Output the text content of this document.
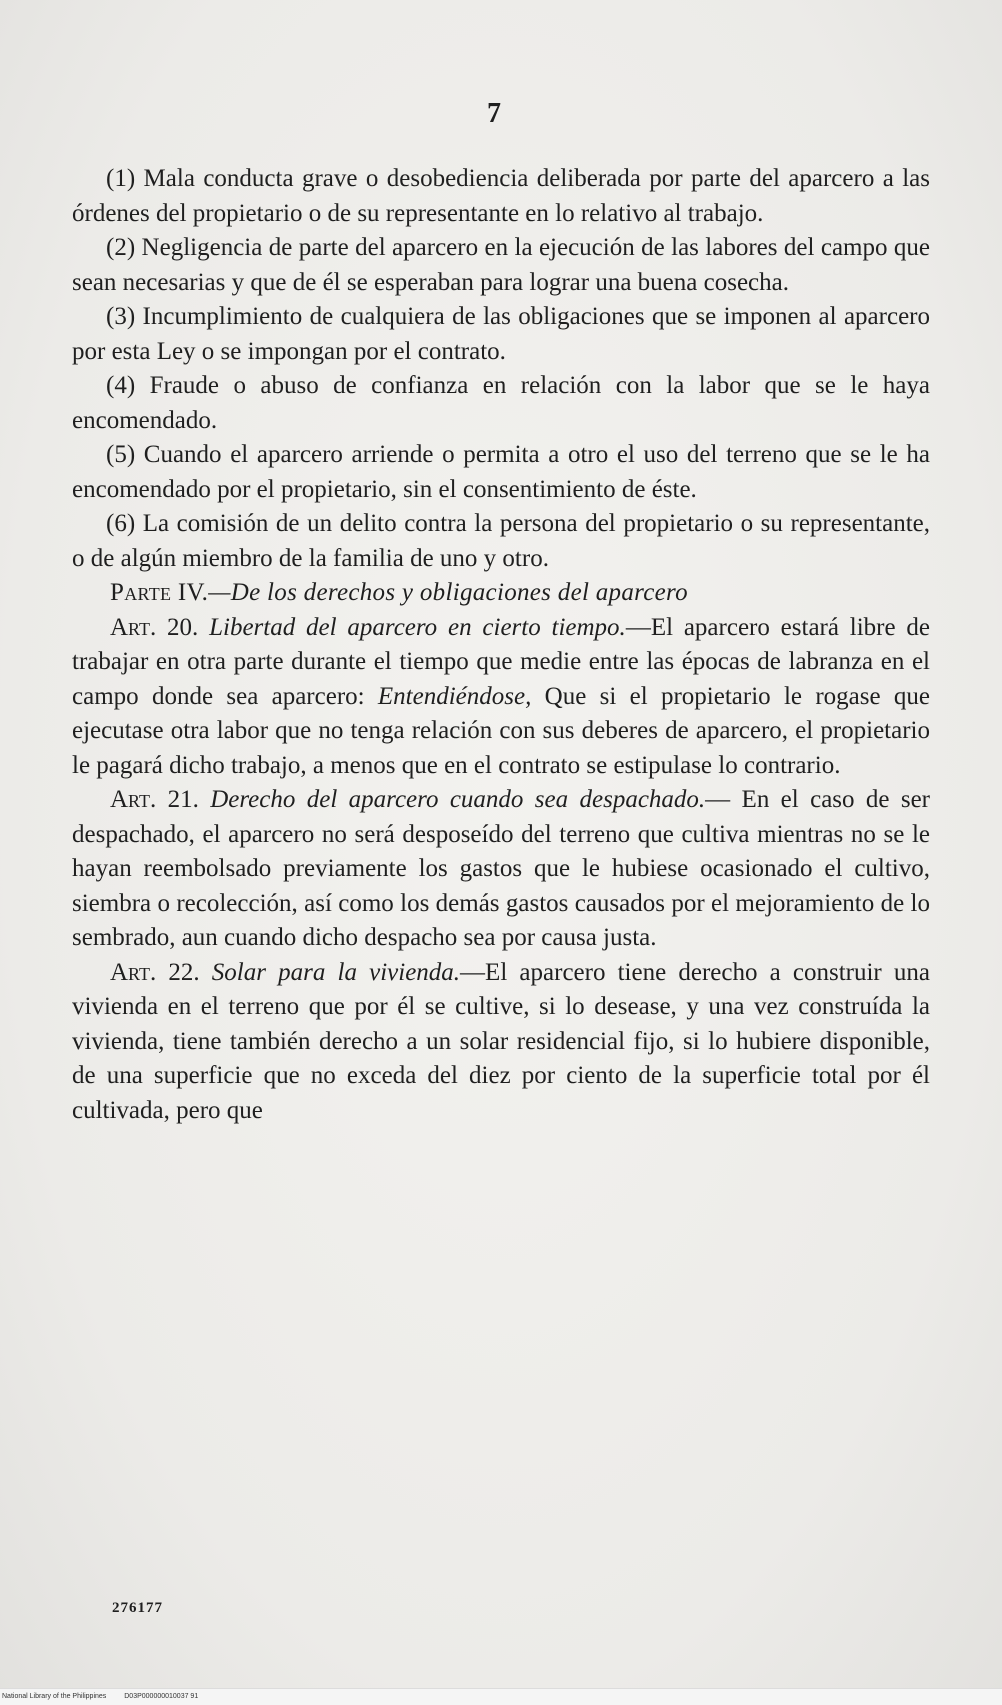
7

(1) Mala conducta grave o desobediencia deliberada por parte del aparcero a las órdenes del propietario o de su representante en lo relativo al trabajo.

(2) Negligencia de parte del aparcero en la ejecución de las labores del campo que sean necesarias y que de él se esperaban para lograr una buena cosecha.

(3) Incumplimiento de cualquiera de las obligaciones que se imponen al aparcero por esta Ley o se impongan por el contrato.

(4) Fraude o abuso de confianza en relación con la labor que se le haya encomendado.

(5) Cuando el aparcero arriende o permita a otro el uso del terreno que se le ha encomendado por el propietario, sin el consentimiento de éste.

(6) La comisión de un delito contra la persona del propietario o su representante, o de algún miembro de la familia de uno y otro.

Parte IV.—De los derechos y obligaciones del aparcero

Art. 20. Libertad del aparcero en cierto tiempo.—El aparcero estará libre de trabajar en otra parte durante el tiempo que medie entre las épocas de labranza en el campo donde sea aparcero: Entendiéndose, Que si el propietario le rogase que ejecutase otra labor que no tenga relación con sus deberes de aparcero, el propietario le pagará dicho trabajo, a menos que en el contrato se estipulase lo contrario.

Art. 21. Derecho del aparcero cuando sea despachado.— En el caso de ser despachado, el aparcero no será desposeído del terreno que cultiva mientras no se le hayan reembolsado previamente los gastos que le hubiese ocasionado el cultivo, siembra o recolección, así como los demás gastos causados por el mejoramiento de lo sembrado, aun cuando dicho despacho sea por causa justa.

Art. 22. Solar para la vivienda.—El aparcero tiene derecho a construir una vivienda en el terreno que por él se cultive, si lo desease, y una vez construída la vivienda, tiene también derecho a un solar residencial fijo, si lo hubiere disponible, de una superficie que no exceda del diez por ciento de la superficie total por él cultivada, pero que

276177
National Library of the Philippines	D03P000000010037 91
